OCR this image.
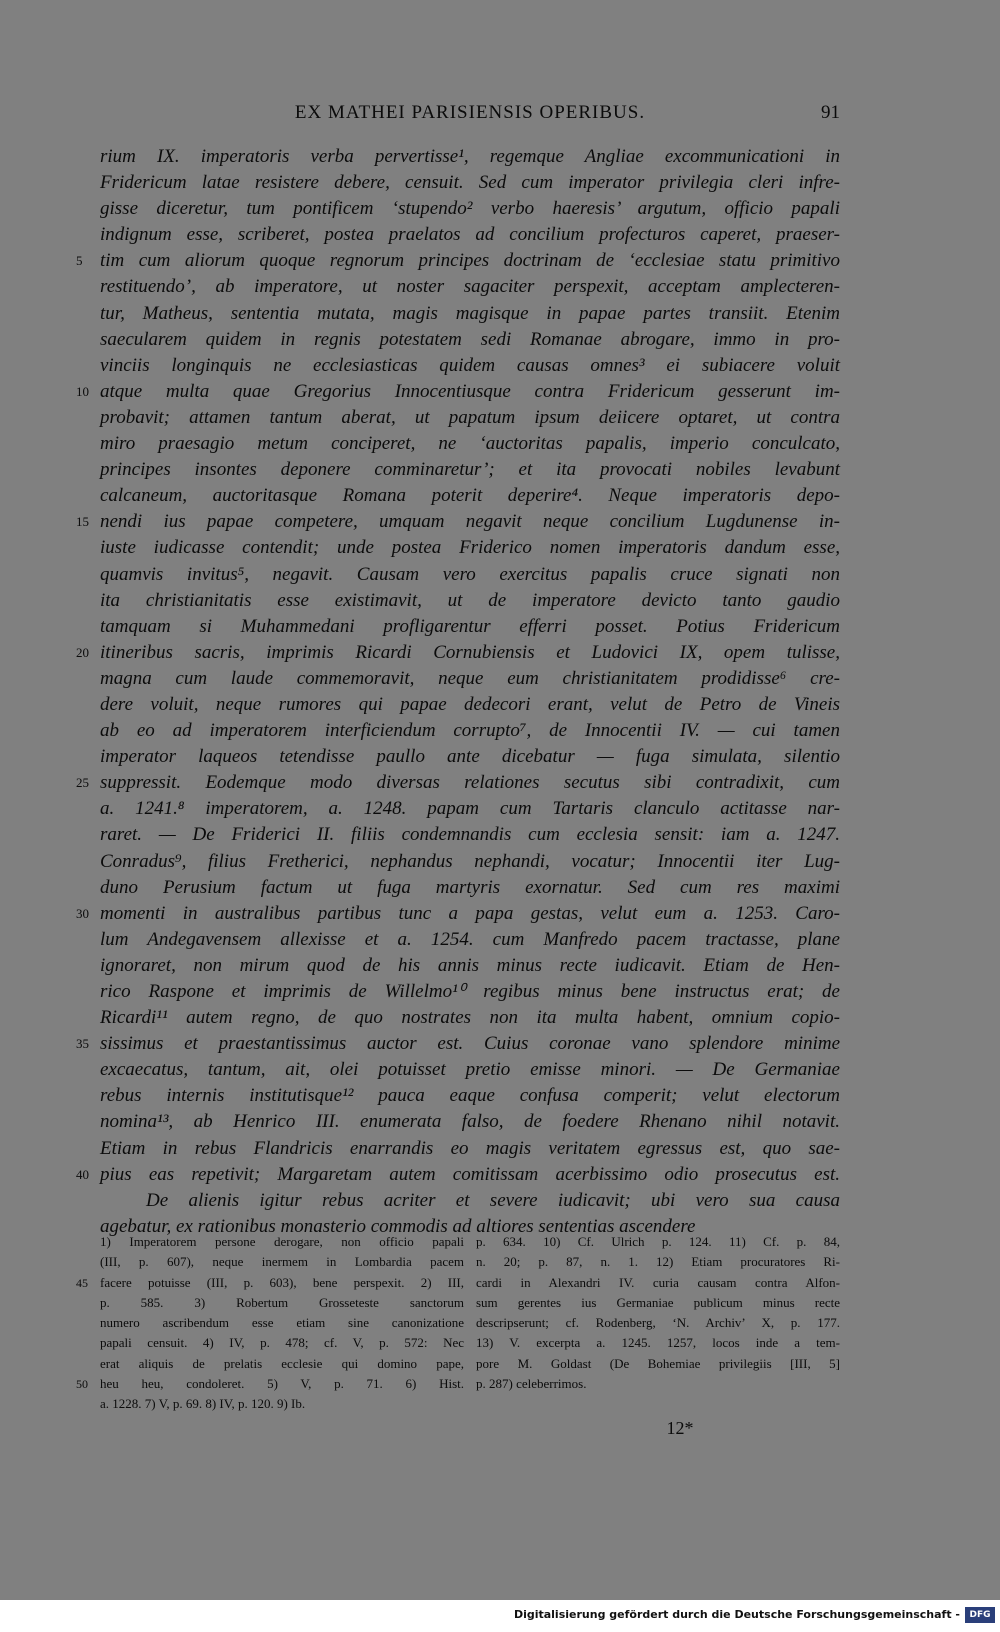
EX MATHEI PARISIENSIS OPERIBUS.	91
rium IX. imperatoris verba pervertisse¹, regemque Angliae excommunicationi in
Fridericum latae resistere debere, censuit. Sed cum imperator privilegia cleri infre-
gisse diceretur, tum pontificem ‘stupendo² verbo haeresis’ argutum, officio papali
indignum esse, scriberet, postea praelatos ad concilium profecturos caperet, praeser-
tim cum aliorum quoque regnorum principes doctrinam de ‘ecclesiae statu primitivo
5
restituendo’, ab imperatore, ut noster sagaciter perspexit, acceptam amplecteren-
tur, Matheus, sententia mutata, magis magisque in papae partes transiit. Etenim
saecularem quidem in regnis potestatem sedi Romanae abrogare, immo in pro-
vinciis longinquis ne ecclesiasticas quidem causas omnes³ ei subiacere voluit
atque multa quae Gregorius Innocentiusque contra Fridericum gesserunt im-
10
probavit; attamen tantum aberat, ut papatum ipsum deiicere optaret, ut contra
miro praesagio metum conciperet, ne ‘auctoritas papalis, imperio conculcato,
principes insontes deponere comminaretur’; et ita provocati nobiles levabunt
calcaneum, auctoritasque Romana poterit deperire⁴. Neque imperatoris depo-
nendi ius papae competere, umquam negavit neque concilium Lugdunense in-
15
iuste iudicasse contendit; unde postea Friderico nomen imperatoris dandum esse,
quamvis invitus⁵, negavit. Causam vero exercitus papalis cruce signati non
ita christianitatis esse existimavit, ut de imperatore devicto tanto gaudio
tamquam si Muhammedani profligarentur efferri posset. Potius Fridericum
itineribus sacris, imprimis Ricardi Cornubiensis et Ludovici IX, opem tulisse,
20
magna cum laude commemoravit, neque eum christianitatem prodidisse⁶ cre-
dere voluit, neque rumores qui papae dedecori erant, velut de Petro de Vineis
ab eo ad imperatorem interficiendum corrupto⁷, de Innocentii IV. — cui tamen
imperator laqueos tetendisse paullo ante dicebatur — fuga simulata, silentio
suppressit. Eodemque modo diversas relationes secutus sibi contradixit, cum
25
a. 1241.⁸ imperatorem, a. 1248. papam cum Tartaris clanculo actitasse nar-
raret. — De Friderici II. filiis condemnandis cum ecclesia sensit: iam a. 1247.
Conradus⁹, filius Fretherici, nephandus nephandi, vocatur; Innocentii iter Lug-
duno Perusium factum ut fuga martyris exornatur. Sed cum res maximi
momenti in australibus partibus tunc a papa gestas, velut eum a. 1253. Caro-
30
lum Andegavensem allexisse et a. 1254. cum Manfredo pacem tractasse, plane
ignoraret, non mirum quod de his annis minus recte iudicavit. Etiam de Hen-
rico Raspone et imprimis de Willelmo¹⁰ regibus minus bene instructus erat; de
Ricardi¹¹ autem regno, de quo nostrates non ita multa habent, omnium copio-
sissimus et praestantissimus auctor est. Cuius coronae vano splendore minime
35
excaecatus, tantum, ait, olei potuisset pretio emisse minori. — De Germaniae
rebus internis institutisque¹² pauca eaque confusa comperit; velut electorum
nomina¹³, ab Henrico III. enumerata falso, de foedere Rhenano nihil notavit.
Etiam in rebus Flandricis enarrandis eo magis veritatem egressus est, quo sae-
pius eas repetivit; Margaretam autem comitissam acerbissimo odio prosecutus est.
40
De alienis igitur rebus acriter et severe iudicavit; ubi vero sua causa
agebatur, ex rationibus monasterio commodis ad altiores sententias ascendere
1) Imperatorem persone derogare, non officio papali
(III, p. 607), neque inermem in Lombardia pacem
facere potuisse (III, p. 603), bene perspexit. 2) III,
45
p. 585. 3) Robertum Grosseteste sanctorum
numero ascribendum esse etiam sine canonizatione
papali censuit. 4) IV, p. 478; cf. V, p. 572: Nec
erat aliquis de prelatis ecclesie qui domino pape,
heu heu, condoleret. 5) V, p. 71. 6) Hist.
50
a. 1228. 7) V, p. 69. 8) IV, p. 120. 9) Ib.
p. 634. 10) Cf. Ulrich p. 124. 11) Cf. p. 84,
n. 20; p. 87, n. 1. 12) Etiam procuratores Ri-
cardi in Alexandri IV. curia causam contra Alfon-
sum gerentes ius Germaniae publicum minus recte
descripserunt; cf. Rodenberg, ‘N. Archiv’ X, p. 177.
13) V. excerpta a. 1245. 1257, locos inde a tem-
pore M. Goldast (De Bohemiae privilegiis [III, 5]
p. 287) celeberrimos.
12*
Digitalisierung gefördert durch die Deutsche Forschungsgemeinschaft -	DFG
